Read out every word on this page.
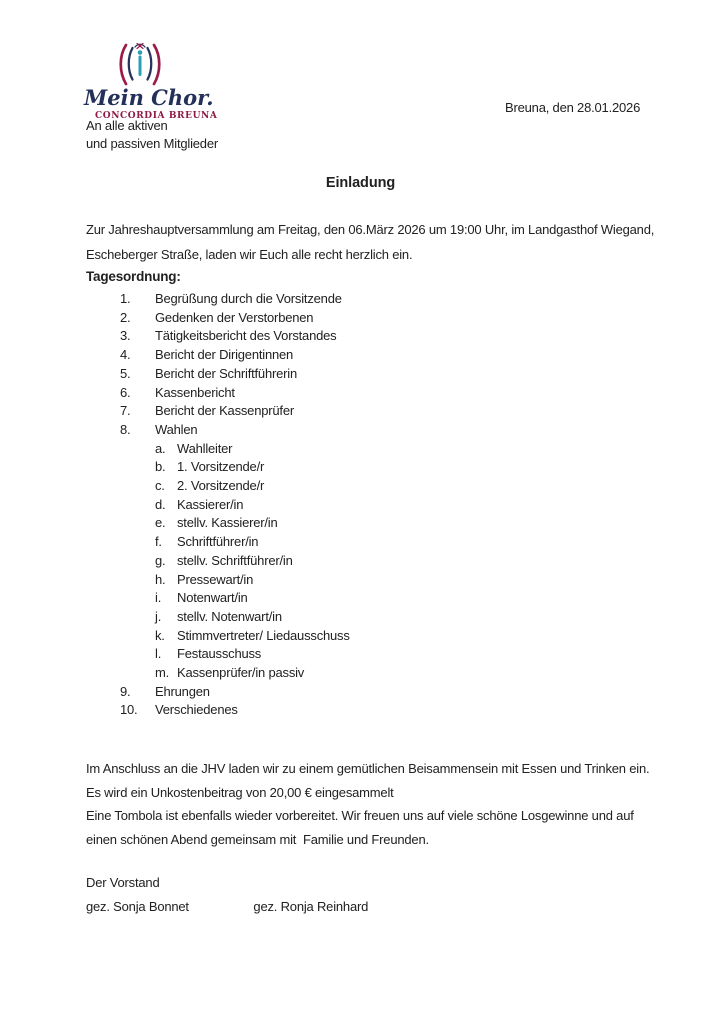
Mein Chor.
CONCORDIA BREUNA
An alle aktiven
und passiven Mitglieder
Breuna, den 28.01.2026
Einladung
Zur Jahreshauptversammlung am Freitag, den 06.März 2026 um 19:00 Uhr, im Landgasthof Wiegand,
Escheberger Straße, laden wir Euch alle recht herzlich ein.
Tagesordnung:
1.	Begrüßung durch die Vorsitzende
2.	Gedenken der Verstorbenen
3.	Tätigkeitsbericht des Vorstandes
4.	Bericht der Dirigentinnen
5.	Bericht der Schriftführerin
6.	Kassenbericht
7.	Bericht der Kassenprüfer
8.	Wahlen
a. Wahlleiter
b. 1. Vorsitzende/r
c. 2. Vorsitzende/r
d. Kassierer/in
e. stellv. Kassierer/in
f.	Schriftführer/in
g. stellv. Schriftführer/in
h. Pressewart/in
i.	Notenwart/in
j.	stellv. Notenwart/in
k. Stimmvertreter/ Liedausschuss
l.	Festausschuss
m. Kassenprüfer/in passiv
9.	Ehrungen
10.	Verschiedenes
Im Anschluss an die JHV laden wir zu einem gemütlichen Beisammensein mit Essen und Trinken ein.
Es wird ein Unkostenbeitrag von 20,00 € eingesammelt
Eine Tombola ist ebenfalls wieder vorbereitet. Wir freuen uns auf viele schöne Losgewinne und auf
einen schönen Abend gemeinsam mit  Familie und Freunden.
Der Vorstand
gez. Sonja Bonnet	gez. Ronja Reinhard
